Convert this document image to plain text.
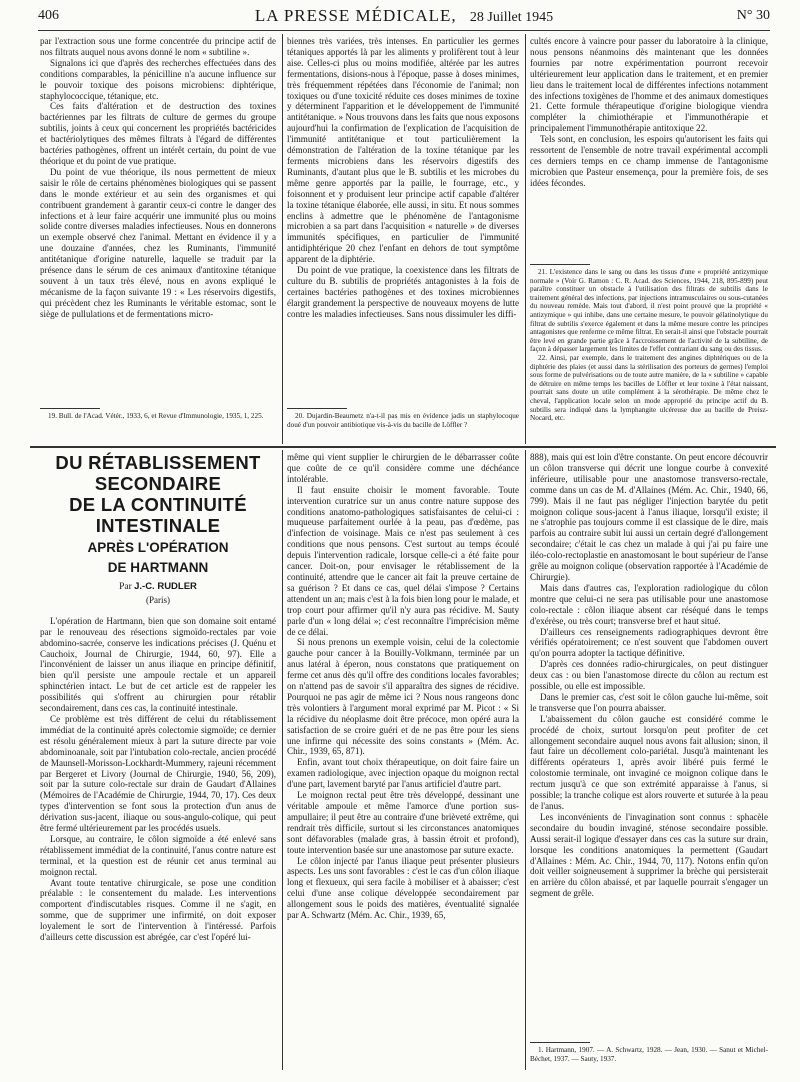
406	LA PRESSE MÉDICALE, 28 Juillet 1945	N° 30

par l'extraction sous une forme concentrée du principe actif de nos filtrats auquel nous avons donné le nom « subtiline ».

Signalons ici que d'après des recherches effectuées dans des conditions comparables, la pénicilline n'a aucune influence sur le pouvoir toxique des poisons microbiens: diphtérique, staphylococcique, tétanique, etc.

Ces faits d'altération et de destruction des toxines bactériennes par les filtrats de culture de germes du groupe subtilis, joints à ceux qui concernent les propriétés bactéricides et bactériolytiques des mêmes filtrats à l'égard de différentes bactéries pathogènes, offrent un intérêt certain, du point de vue théorique et du point de vue pratique.

Du point de vue théorique, ils nous permettent de mieux saisir le rôle de certains phénomènes biologiques qui se passent dans le monde extérieur et au sein des organismes et qui contribuent grandement à garantir ceux-ci contre le danger des infections et à leur faire acquérir une immunité plus ou moins solide contre diverses maladies infectieuses. Nous en donnerons un exemple observé chez l'animal. Mettant en évidence il y a une douzaine d'années, chez les Ruminants, l'immunité antitétanique d'origine naturelle, laquelle se traduit par la présence dans le sérum de ces animaux d'antitoxine tétanique souvent à un taux très élevé, nous en avons expliqué le mécanisme de la façon suivante 19 : « Les réservoirs digestifs, qui précèdent chez les Ruminants le véritable estomac, sont le siège de pullulations et de fermentations micro-

19. Bull. de l'Acad. Vétér., 1933, 6, et Revue d'Immunologie, 1935, 1, 225.

biennes très variées, très intenses. En particulier les germes tétaniques apportés là par les aliments y prolifèrent tout à leur aise. Celles-ci plus ou moins modifiée, altérée par les autres fermentations, disions-nous à l'époque, passe à doses minimes, très fréquemment répétées dans l'économie de l'animal; non toxiques ou d'une toxicité réduite ces doses minimes de toxine y déterminent l'apparition et le développement de l'immunité antitétanique. » Nous trouvons dans les faits que nous exposons aujourd'hui la confirmation de l'explication de l'acquisition de l'immunité antitétanique et tout particulièrement la démonstration de l'altération de la toxine tétanique par les ferments microbiens dans les réservoirs digestifs des Ruminants, d'autant plus que le B. subtilis et les microbes du même genre apportés par la paille, le fourrage, etc., y foisonnent et y produisent leur principe actif capable d'altérer la toxine tétanique élaborée, elle aussi, in situ. Et nous sommes enclins à admettre que le phénomène de l'antagonisme microbien a sa part dans l'acquisition « naturelle » de diverses immunités spécifiques, en particulier de l'immunité antidiphtérique 20 chez l'enfant en dehors de tout symptôme apparent de la diphtérie.

Du point de vue pratique, la coexistence dans les filtrats de culture du B. subtilis de propriétés antagonistes à la fois de certaines bactéries pathogènes et des toxines microbiennes élargit grandement la perspective de nouveaux moyens de lutte contre les maladies infectieuses. Sans nous dissimuler les diffi-

20. Dujardin-Beaumetz n'a-t-il pas mis en évidence jadis un staphylocoque doué d'un pouvoir antibiotique vis-à-vis du bacille de Löffler ?

cultés encore à vaincre pour passer du laboratoire à la clinique, nous pensons néanmoins dès maintenant que les données fournies par notre expérimentation pourront recevoir ultérieurement leur application dans le traitement, et en premier lieu dans le traitement local de différentes infections notamment des infections toxigènes de l'homme et des animaux domestiques 21. Cette formule thérapeutique d'origine biologique viendra compléter la chimiothérapie et l'immunothérapie et principalement l'immunothérapie antitoxique 22.

Tels sont, en conclusion, les espoirs qu'autorisent les faits qui ressortent de l'ensemble de notre travail expérimental accompli ces derniers temps en ce champ immense de l'antagonisme microbien que Pasteur ensemença, pour la première fois, de ses idées fécondes.

21. L'existence dans le sang ou dans les tissus d'une « propriété antizymique normale » (Voir G. Ramon : C. R. Acad. des Sciences, 1944, 218, 895-899) peut paraître constituer un obstacle à l'utilisation des filtrats de subtilis dans le traitement général des infections, par injections intramusculaires ou sous-cutanées du nouveau remède. Mais tout d'abord, il n'est point prouvé que la propriété « antizymique » qui inhibe, dans une certaine mesure, le pouvoir gélatinolytique du filtrat de subtilis s'exerce également et dans la même mesure contre les principes antagonistes que renferme ce même filtrat. En serait-il ainsi que l'obstacle pourrait être levé en grande partie grâce à l'accroissement de l'activité de la subtiline, de façon à dépasser largement les limites de l'effet contrariant du sang ou des tissus.

22. Ainsi, par exemple, dans le traitement des angines diphtériques ou de la diphtérie des plaies (et aussi dans la stérilisation des porteurs de germes) l'emploi sous forme de pulvérisations ou de toute autre manière, de la « subtiline » capable de détruire en même temps les bacilles de Löffler et leur toxine à l'état naissant, pourrait sans doute un utile complément à la sérothérapie. De même chez le cheval, l'application locale selon un mode approprié du principe actif du B. subtilis sera indiqué dans la lymphangite ulcéreuse due au bacille de Preisz-Nocard, etc.

DU RÉTABLISSEMENT SECONDAIRE
DE LA CONTINUITÉ
INTESTINALE
APRÈS L'OPÉRATION
DE HARTMANN
Par J.-C. RUDLER
(Paris)

L'opération de Hartmann, bien que son domaine soit entamé par le renouveau des résections sigmoïdo-rectales par voie abdomino-sacrée, conserve les indications précises (J. Quénu et Cauchoix, Journal de Chirurgie, 1944, 60, 97). Elle a l'inconvénient de laisser un anus iliaque en principe définitif, bien qu'il persiste une ampoule rectale et un appareil sphinctérien intact. Le but de cet article est de rappeler les possibilités qui s'offrent au chirurgien pour rétablir secondairement, dans ces cas, la continuité intestinale.

Ce problème est très différent de celui du rétablissement immédiat de la continuité après colectomie sigmoïde; ce dernier est résolu généralement mieux à part la suture directe par voie abdominoanale, soit par l'intubation colo-rectale, ancien procédé de Maunsell-Morisson-Lockhardt-Mummery, rajeuni récemment par Bergeret et Livory (Journal de Chirurgie, 1940, 56, 209), soit par la suture colo-rectale sur drain de Gaudart d'Allaines (Mémoires de l'Académie de Chirurgie, 1944, 70, 17). Ces deux types d'intervention se font sous la protection d'un anus de dérivation sus-jacent, iliaque ou sous-angulo-colique, qui peut être fermé ultérieurement par les procédés usuels.

Lorsque, au contraire, le côlon sigmoïde a été enlevé sans rétablissement immédiat de la continuité, l'anus contre nature est terminal, et la question est de réunir cet anus terminal au moignon rectal.

Avant toute tentative chirurgicale, se pose une condition préalable : le consentement du malade. Les interventions comportent d'indiscutables risques. Comme il ne s'agit, en somme, que de supprimer une infirmité, on doit exposer loyalement le sort de l'intervention à l'intéressé. Parfois d'ailleurs cette discussion est abrégée, car c'est l'opéré lui-

même qui vient supplier le chirurgien de le débarrasser coûte que coûte de ce qu'il considère comme une déchéance intolérable.

Il faut ensuite choisir le moment favorable. Toute intervention curatrice sur un anus contre nature suppose des conditions anatomo-pathologiques satisfaisantes de celui-ci : muqueuse parfaitement ourlée à la peau, pas d'œdème, pas d'infection de voisinage. Mais ce n'est pas seulement à ces conditions que nous pensons. C'est surtout au temps écoulé depuis l'intervention radicale, lorsque celle-ci a été faite pour cancer. Doit-on, pour envisager le rétablissement de la continuité, attendre que le cancer ait fait la preuve certaine de sa guérison ? Et dans ce cas, quel délai s'impose ? Certains attendent un an; mais c'est à la fois bien long pour le malade, et trop court pour affirmer qu'il n'y aura pas récidive. M. Sauty parle d'un « long délai »; c'est reconnaître l'imprécision même de ce délai.

Si nous prenons un exemple voisin, celui de la colectomie gauche pour cancer à la Bouilly-Volkmann, terminée par un anus latéral à éperon, nous constatons que pratiquement on ferme cet anus dès qu'il offre des conditions locales favorables; on n'attend pas de savoir s'il apparaîtra des signes de récidive. Pourquoi ne pas agir de même ici ? Nous nous rangeons donc très volontiers à l'argument moral exprimé par M. Picot : « Si la récidive du néoplasme doit être précoce, mon opéré aura la satisfaction de se croire guéri et de ne pas être pour les siens une infirme qui nécessite des soins constants » (Mém. Ac. Chir., 1939, 65, 871).

Enfin, avant tout choix thérapeutique, on doit faire faire un examen radiologique, avec injection opaque du moignon rectal d'une part, lavement baryté par l'anus artificiel d'autre part.

Le moignon rectal peut être très développé, dessinant une véritable ampoule et même l'amorce d'une portion sus-ampullaire; il peut être au contraire d'une brièveté extrême, qui rendrait très difficile, surtout si les circonstances anatomiques sont défavorables (malade gras, à bassin étroit et profond), toute intervention basée sur une anastomose par suture exacte.

Le côlon injecté par l'anus iliaque peut présenter plusieurs aspects. Les uns sont favorables : c'est le cas d'un côlon iliaque long et flexueux, qui sera facile à mobiliser et à abaisser; c'est celui d'une anse colique développée secondairement par allongement sous le poids des matières, éventualité signalée par A. Schwartz (Mém. Ac. Chir., 1939, 65,

888), mais qui est loin d'être constante. On peut encore découvrir un côlon transverse qui décrit une longue courbe à convexité inférieure, utilisable pour une anastomose transverso-rectale, comme dans un cas de M. d'Allaines (Mém. Ac. Chir., 1940, 66, 799). Mais il ne faut pas négliger l'injection barytée du petit moignon colique sous-jacent à l'anus iliaque, lorsqu'il existe; il ne s'atrophie pas toujours comme il est classique de le dire, mais parfois au contraire subit lui aussi un certain degré d'allongement secondaire; c'était le cas chez un malade à qui j'ai pu faire une iléo-colo-rectoplastie en anastomosant le bout supérieur de l'anse grêle au moignon colique (observation rapportée à l'Académie de Chirurgie).

Mais dans d'autres cas, l'exploration radiologique du côlon montre que celui-ci ne sera pas utilisable pour une anastomose colo-rectale : côlon iliaque absent car réséqué dans le temps d'exérèse, ou très court; transverse bref et haut situé.

D'ailleurs ces renseignements radiographiques devront être vérifiés opératoirement; ce n'est souvent que l'abdomen ouvert qu'on pourra adopter la tactique définitive.

D'après ces données radio-chirurgicales, on peut distinguer deux cas : ou bien l'anastomose directe du côlon au rectum est possible, ou elle est impossible.

Dans le premier cas, c'est soit le côlon gauche lui-même, soit le transverse que l'on pourra abaisser.

L'abaissement du côlon gauche est considéré comme le procédé de choix, surtout lorsqu'on peut profiter de cet allongement secondaire auquel nous avons fait allusion; sinon, il faut faire un décollement colo-pariétal. Jusqu'à maintenant les différents opérateurs 1, après avoir libéré puis fermé le colostomie terminale, ont invaginé ce moignon colique dans le rectum jusqu'à ce que son extrémité apparaisse à l'anus, si possible; la tranche colique est alors rouverte et suturée à la peau de l'anus.

Les inconvénients de l'invagination sont connus : sphacèle secondaire du boudin invaginé, sténose secondaire possible. Aussi serait-il logique d'essayer dans ces cas la suture sur drain, lorsque les conditions anatomiques la permettent (Gaudart d'Allaines : Mém. Ac. Chir., 1944, 70, 117). Notons enfin qu'on doit veiller soigneusement à supprimer la brèche qui persisterait en arrière du côlon abaissé, et par laquelle pourrait s'engager un segment de grêle.

1. Hartmann, 1907. — A. Schwartz, 1928. — Jean, 1930. — Sanut et Michel-Béchet, 1937. — Sauty, 1937.
